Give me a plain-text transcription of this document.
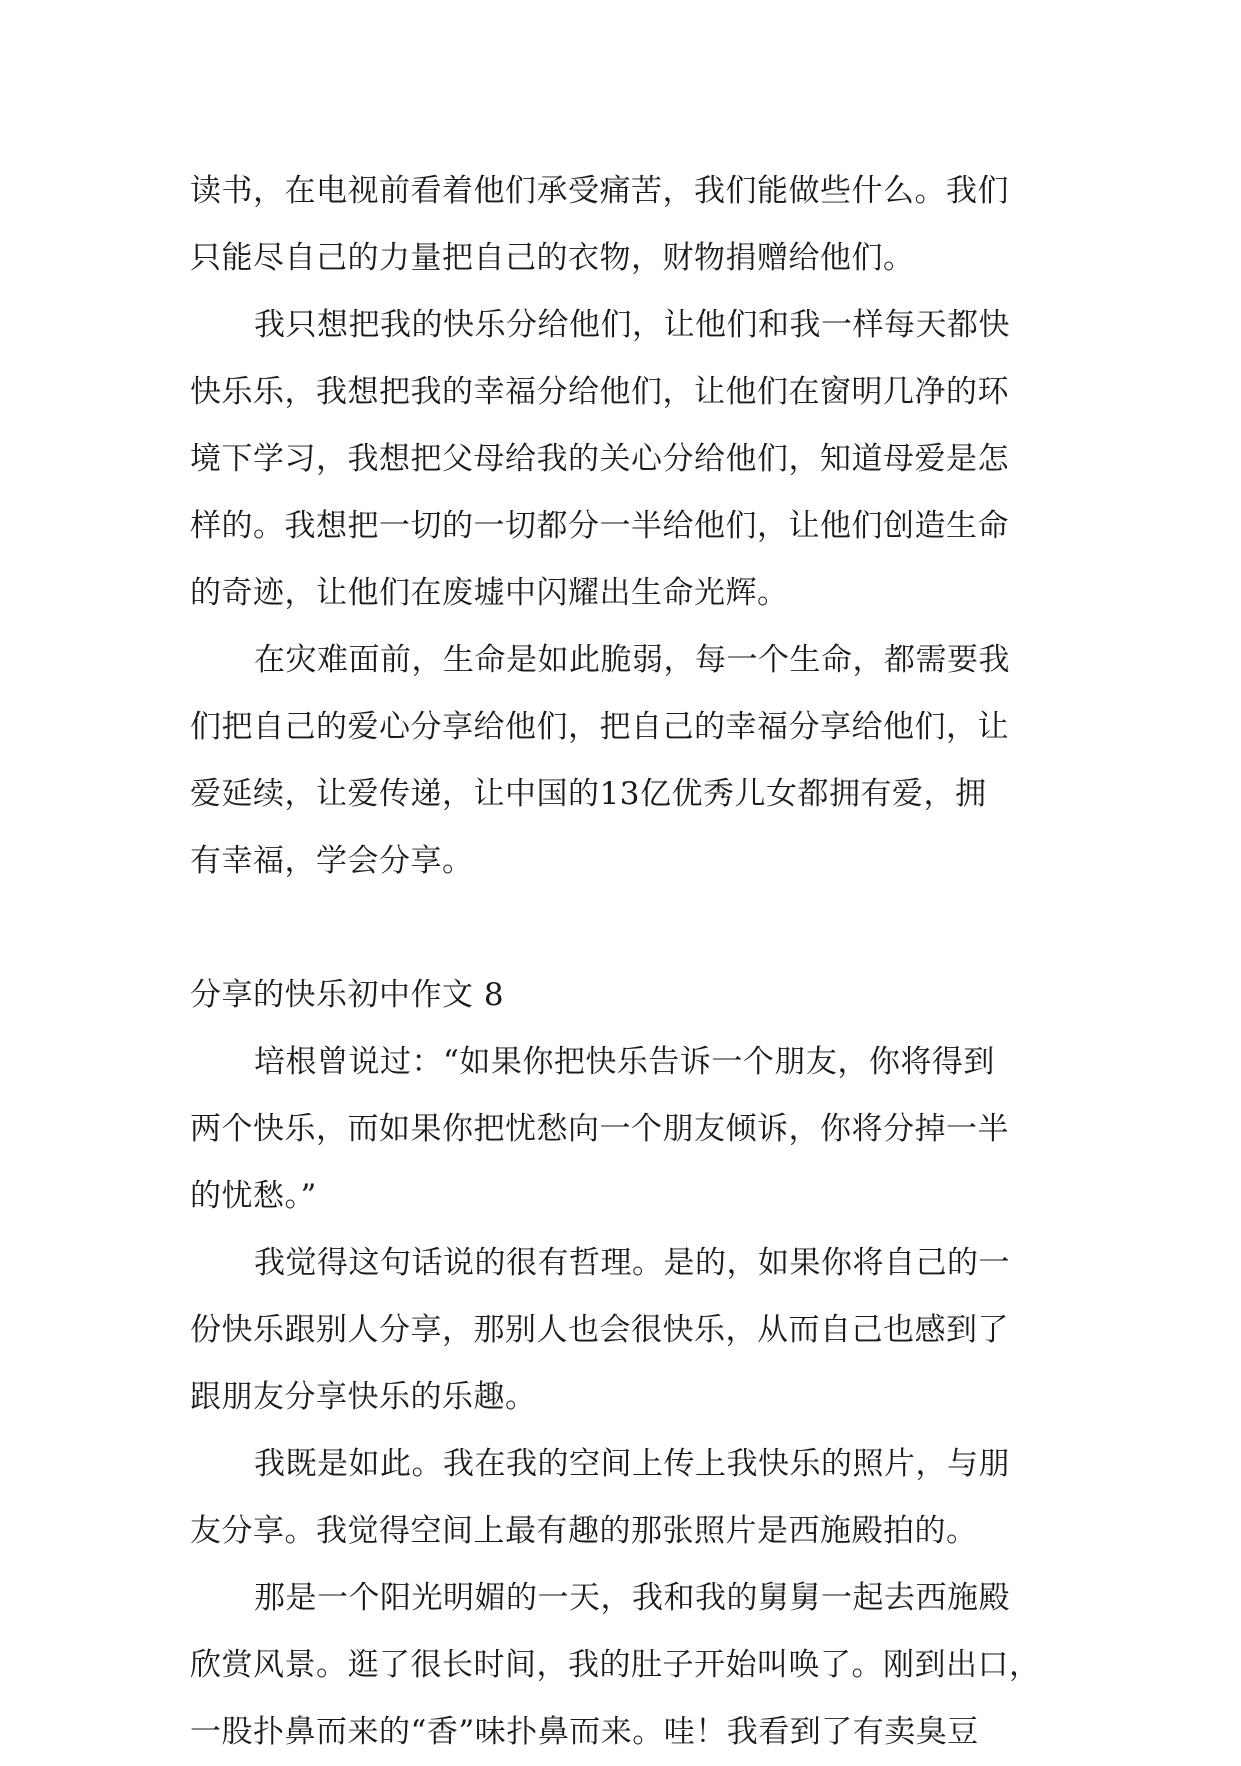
读书，在电视前看着他们承受痛苦，我们能做些什么。我们
只能尽自己的力量把自己的衣物，财物捐赠给他们。
我只想把我的快乐分给他们，让他们和我一样每天都快
快乐乐，我想把我的幸福分给他们，让他们在窗明几净的环
境下学习，我想把父母给我的关心分给他们，知道母爱是怎
样的。我想把一切的一切都分一半给他们，让他们创造生命
的奇迹，让他们在废墟中闪耀出生命光辉。
在灾难面前，生命是如此脆弱，每一个生命，都需要我
们把自己的爱心分享给他们，把自己的幸福分享给他们，让
爱延续，让爱传递，让中国的13亿优秀儿女都拥有爱，拥
有幸福，学会分享。
分享的快乐初中作文 8
培根曾说过：“如果你把快乐告诉一个朋友，你将得到
两个快乐，而如果你把忧愁向一个朋友倾诉，你将分掉一半
的忧愁。”
我觉得这句话说的很有哲理。是的，如果你将自己的一
份快乐跟别人分享，那别人也会很快乐，从而自己也感到了
跟朋友分享快乐的乐趣。
我既是如此。我在我的空间上传上我快乐的照片，与朋
友分享。我觉得空间上最有趣的那张照片是西施殿拍的。
那是一个阳光明媚的一天，我和我的舅舅一起去西施殿
欣赏风景。逛了很长时间，我的肚子开始叫唤了。刚到出口，
一股扑鼻而来的“香”味扑鼻而来。哇！我看到了有卖臭豆
